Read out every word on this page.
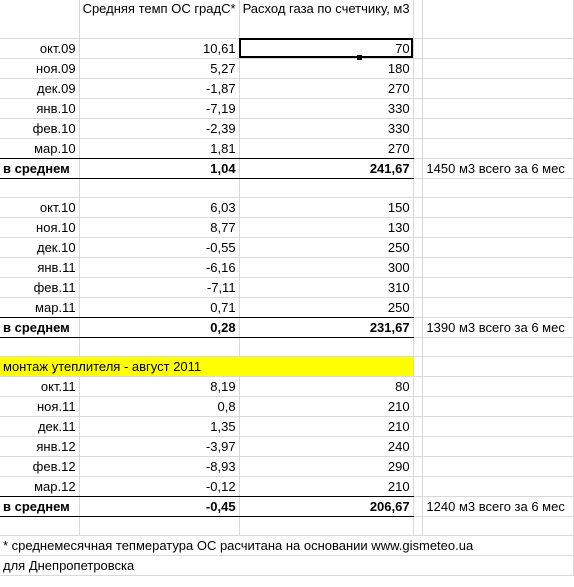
	Средняя темп ОС градС*	Расход газа по счетчику, м3		
окт.09	10,61	70		
ноя.09	5,27	180		
дек.09	-1,87	270		
янв.10	-7,19	330		
фев.10	-2,39	330		
мар.10	1,81	270		
в среднем	1,04	241,67		1450 м3 всего за 6 мес

окт.10	6,03	150		
ноя.10	8,77	130		
дек.10	-0,55	250		
янв.11	-6,16	300		
фев.11	-7,11	310		
мар.11	0,71	250		
в среднем	0,28	231,67		1390 м3 всего за 6 мес

монтаж утеплителя - август 2011				
окт.11	8,19	80		
ноя.11	0,8	210		
дек.11	1,35	210		
янв.12	-3,97	240		
фев.12	-8,93	290		
мар.12	-0,12	210		
в среднем	-0,45	206,67		1240 м3 всего за 6 мес

* среднемесячная тепмература ОС расчитана на основании www.gismeteo.ua				
для Днепропетровска				
